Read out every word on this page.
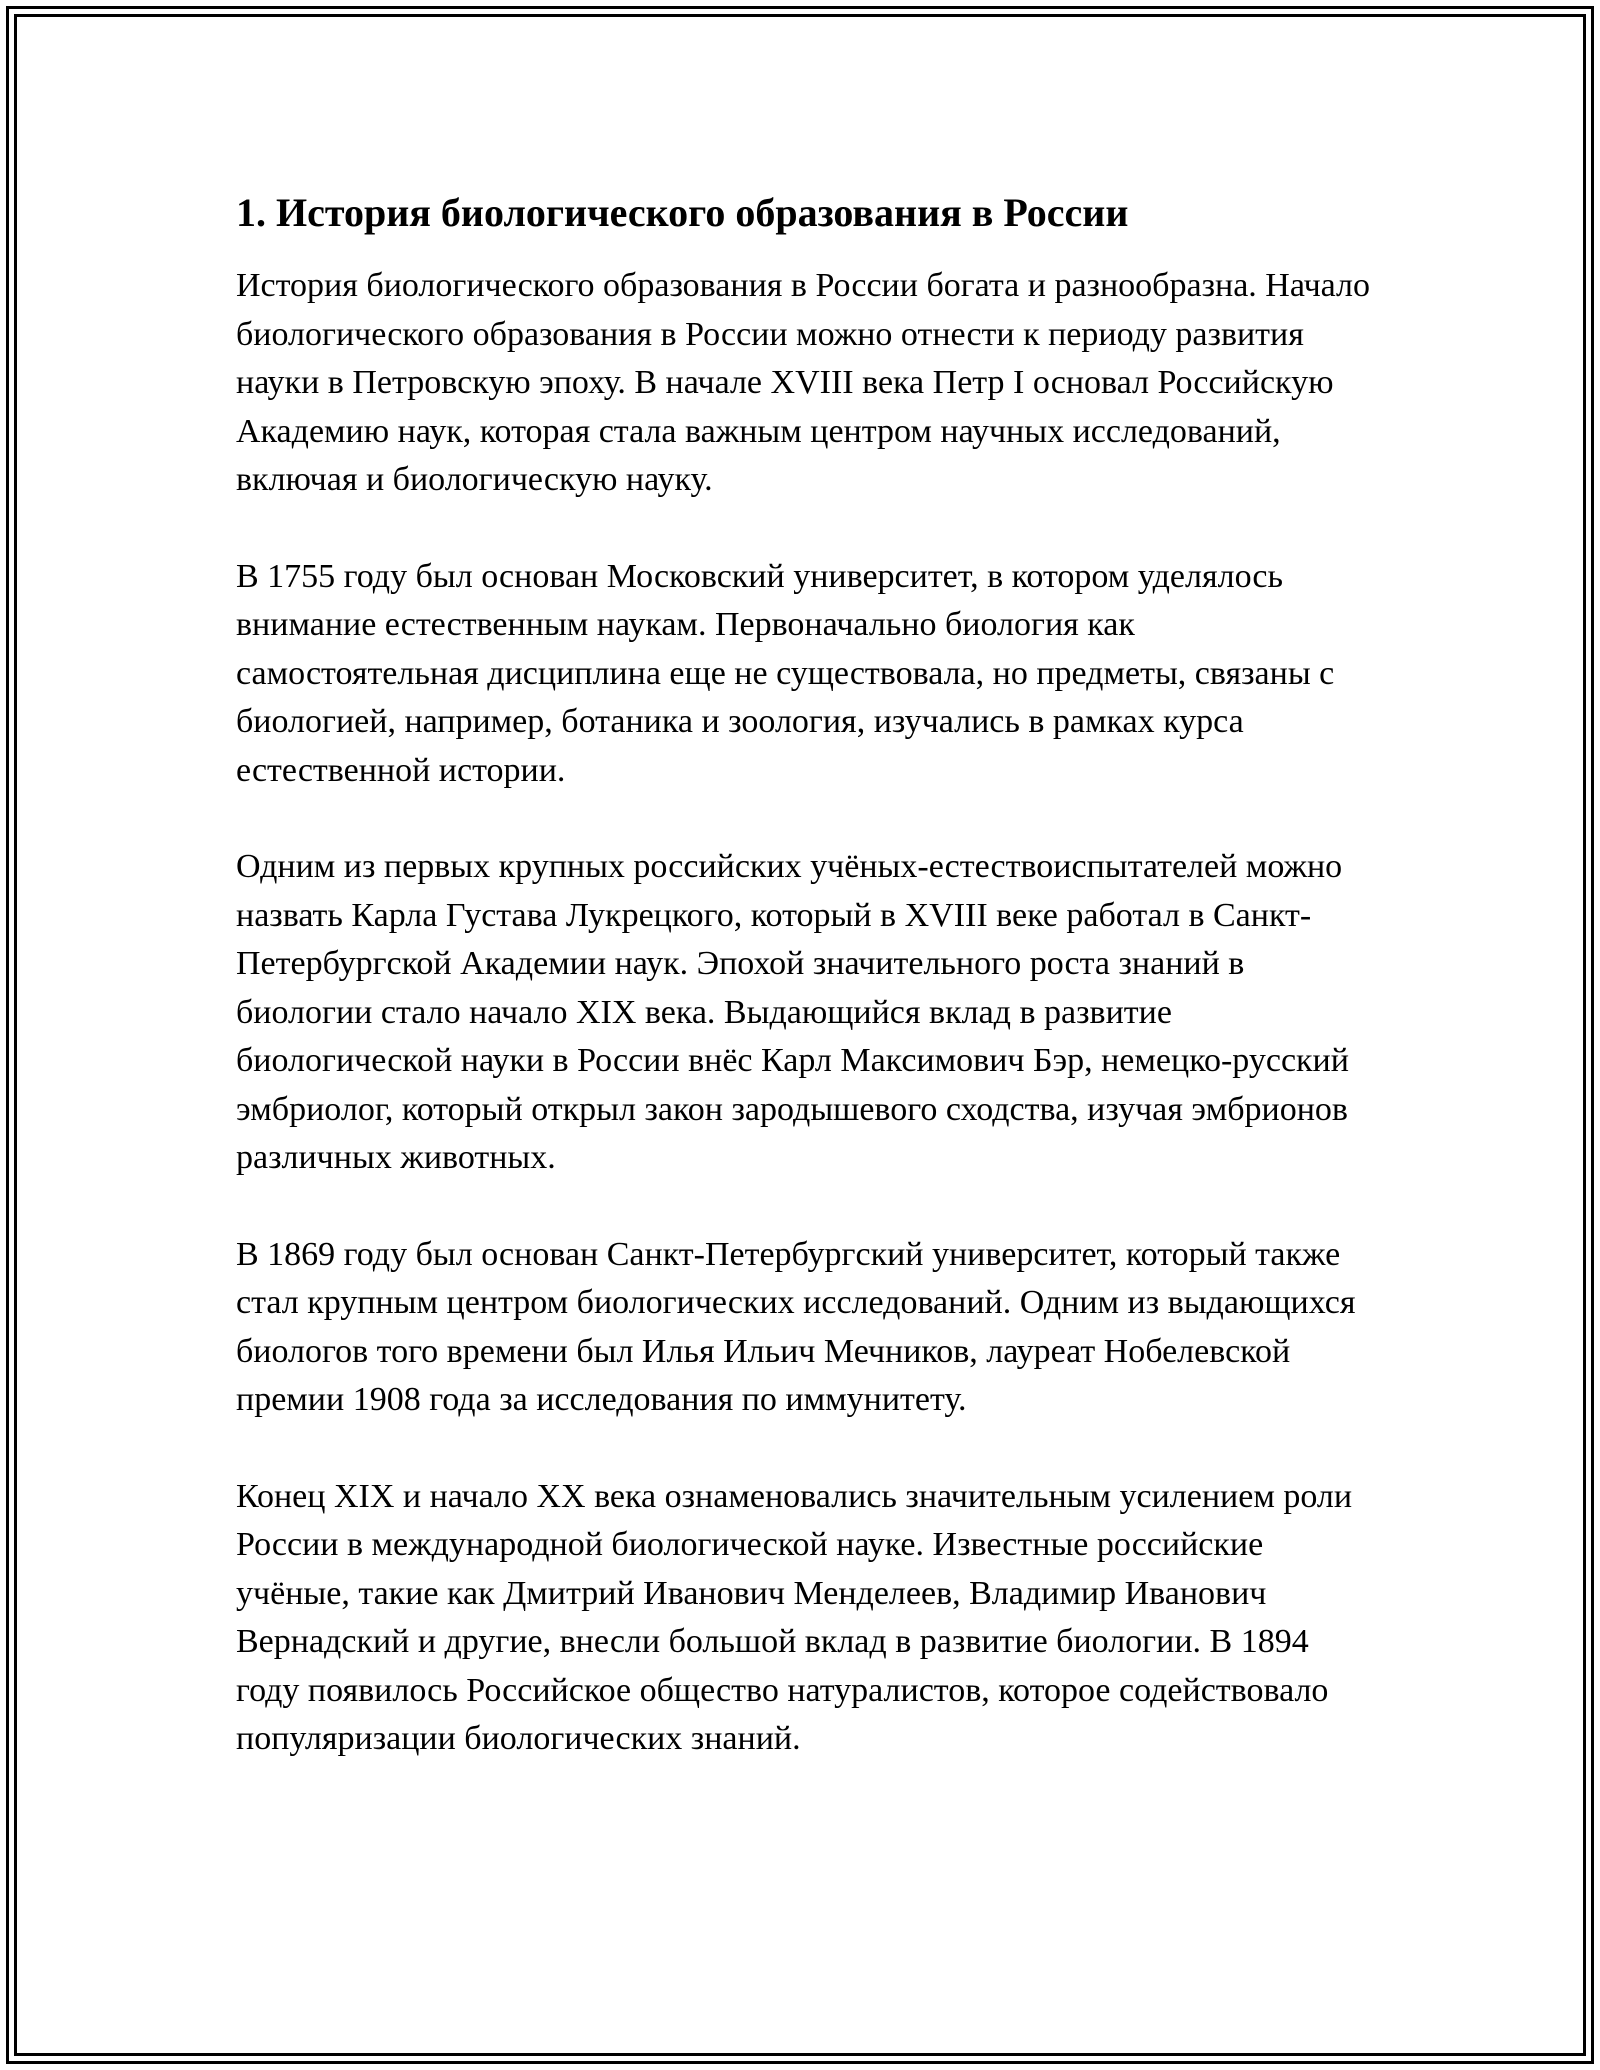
1. История биологического образования в России

История биологического образования в России богата и разнообразна. Начало биологического образования в России можно отнести к периоду развития науки в Петровскую эпоху. В начале XVIII века Петр I основал Российскую Академию наук, которая стала важным центром научных исследований, включая и биологическую науку.

В 1755 году был основан Московский университет, в котором уделялось внимание естественным наукам. Первоначально биология как самостоятельная дисциплина еще не существовала, но предметы, связаны с биологией, например, ботаника и зоология, изучались в рамках курса естественной истории.

Одним из первых крупных российских учёных-естествоиспытателей можно назвать Карла Густава Лукрецкого, который в XVIII веке работал в Санкт-Петербургской Академии наук. Эпохой значительного роста знаний в биологии стало начало XIX века. Выдающийся вклад в развитие биологической науки в России внёс Карл Максимович Бэр, немецко-русский эмбриолог, который открыл закон зародышевого сходства, изучая эмбрионов различных животных.

В 1869 году был основан Санкт-Петербургский университет, который также стал крупным центром биологических исследований. Одним из выдающихся биологов того времени был Илья Ильич Мечников, лауреат Нобелевской премии 1908 года за исследования по иммунитету.

Конец XIX и начало XX века ознаменовались значительным усилением роли России в международной биологической науке. Известные российские учёные, такие как Дмитрий Иванович Менделеев, Владимир Иванович Вернадский и другие, внесли большой вклад в развитие биологии. В 1894 году появилось Российское общество натуралистов, которое содействовало популяризации биологических знаний.
